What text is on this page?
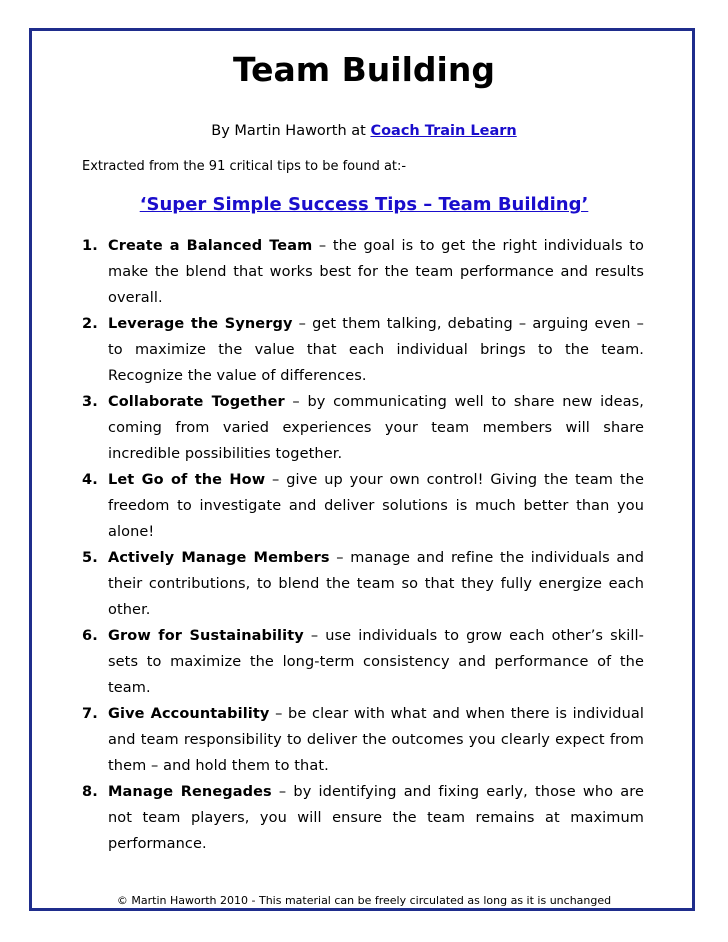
Team Building
By Martin Haworth at Coach Train Learn
Extracted from the 91 critical tips to be found at:-
‘Super Simple Success Tips – Team Building’
1. Create a Balanced Team – the goal is to get the right individuals to make the blend that works best for the team performance and results overall.
2. Leverage the Synergy – get them talking, debating – arguing even – to maximize the value that each individual brings to the team. Recognize the value of differences.
3. Collaborate Together – by communicating well to share new ideas, coming from varied experiences your team members will share incredible possibilities together.
4. Let Go of the How – give up your own control! Giving the team the freedom to investigate and deliver solutions is much better than you alone!
5. Actively Manage Members – manage and refine the individuals and their contributions, to blend the team so that they fully energize each other.
6. Grow for Sustainability – use individuals to grow each other’s skill-sets to maximize the long-term consistency and performance of the team.
7. Give Accountability – be clear with what and when there is individual and team responsibility to deliver the outcomes you clearly expect from them – and hold them to that.
8. Manage Renegades – by identifying and fixing early, those who are not team players, you will ensure the team remains at maximum performance.
© Martin Haworth 2010 - This material can be freely circulated as long as it is unchanged
